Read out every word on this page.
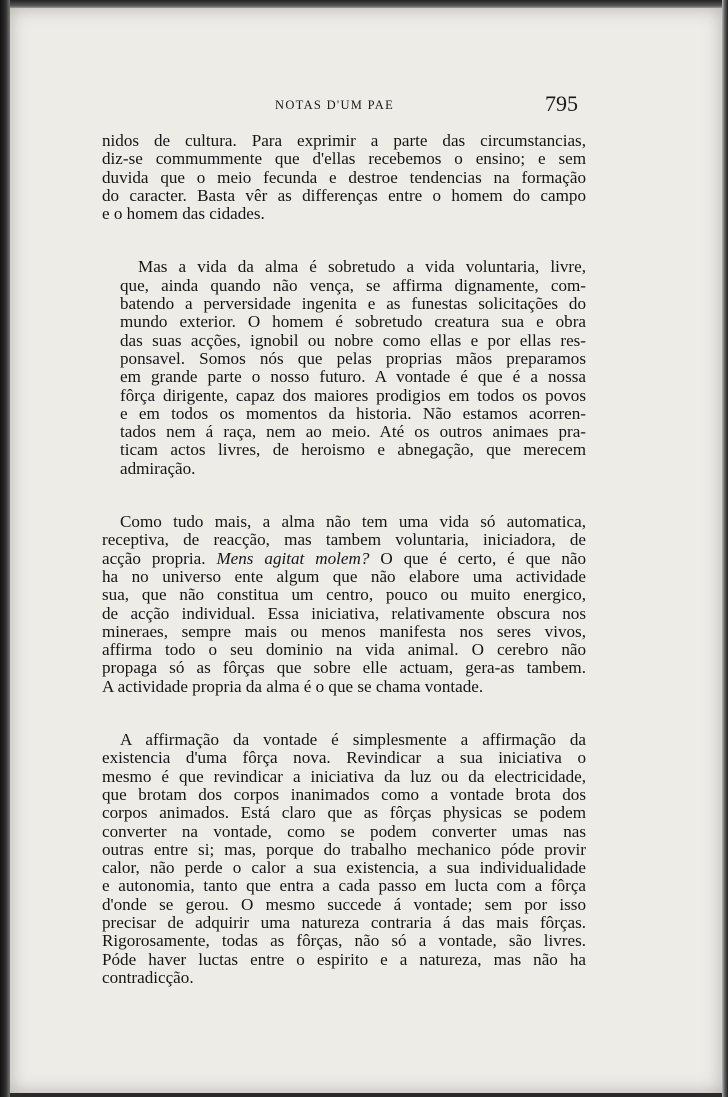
NOTAS D'UM PAE	795

nidos de cultura. Para exprimir a parte das circumstancias,
diz-se commummente que d'ellas recebemos o ensino; e sem
duvida que o meio fecunda e destroe tendencias na formação
do caracter. Basta vêr as differenças entre o homem do campo
e o homem das cidades.

Mas a vida da alma é sobretudo a vida voluntaria, livre,
que, ainda quando não vença, se affirma dignamente, com-
batendo a perversidade ingenita e as funestas solicitações do
mundo exterior. O homem é sobretudo creatura sua e obra
das suas acções, ignobil ou nobre como ellas e por ellas res-
ponsavel. Somos nós que pelas proprias mãos preparamos
em grande parte o nosso futuro. A vontade é que é a nossa
fôrça dirigente, capaz dos maiores prodigios em todos os povos
e em todos os momentos da historia. Não estamos acorren-
tados nem á raça, nem ao meio. Até os outros animaes pra-
ticam actos livres, de heroismo e abnegação, que merecem
admiração.

Como tudo mais, a alma não tem uma vida só automatica,
receptiva, de reacção, mas tambem voluntaria, iniciadora, de
acção propria. Mens agitat molem? O que é certo, é que não
ha no universo ente algum que não elabore uma actividade
sua, que não constitua um centro, pouco ou muito energico,
de acção individual. Essa iniciativa, relativamente obscura nos
mineraes, sempre mais ou menos manifesta nos seres vivos,
affirma todo o seu dominio na vida animal. O cerebro não
propaga só as fôrças que sobre elle actuam, gera-as tambem.
A actividade propria da alma é o que se chama vontade.

A affirmação da vontade é simplesmente a affirmação da
existencia d'uma fôrça nova. Revindicar a sua iniciativa o
mesmo é que revindicar a iniciativa da luz ou da electricidade,
que brotam dos corpos inanimados como a vontade brota dos
corpos animados. Está claro que as fôrças physicas se podem
converter na vontade, como se podem converter umas nas
outras entre si; mas, porque do trabalho mechanico póde provir
calor, não perde o calor a sua existencia, a sua individualidade
e autonomia, tanto que entra a cada passo em lucta com a fôrça
d'onde se gerou. O mesmo succede á vontade; sem por isso
precisar de adquirir uma natureza contraria á das mais fôrças.
Rigorosamente, todas as fôrças, não só a vontade, são livres.
Póde haver luctas entre o espirito e a natureza, mas não ha
contradicção.
